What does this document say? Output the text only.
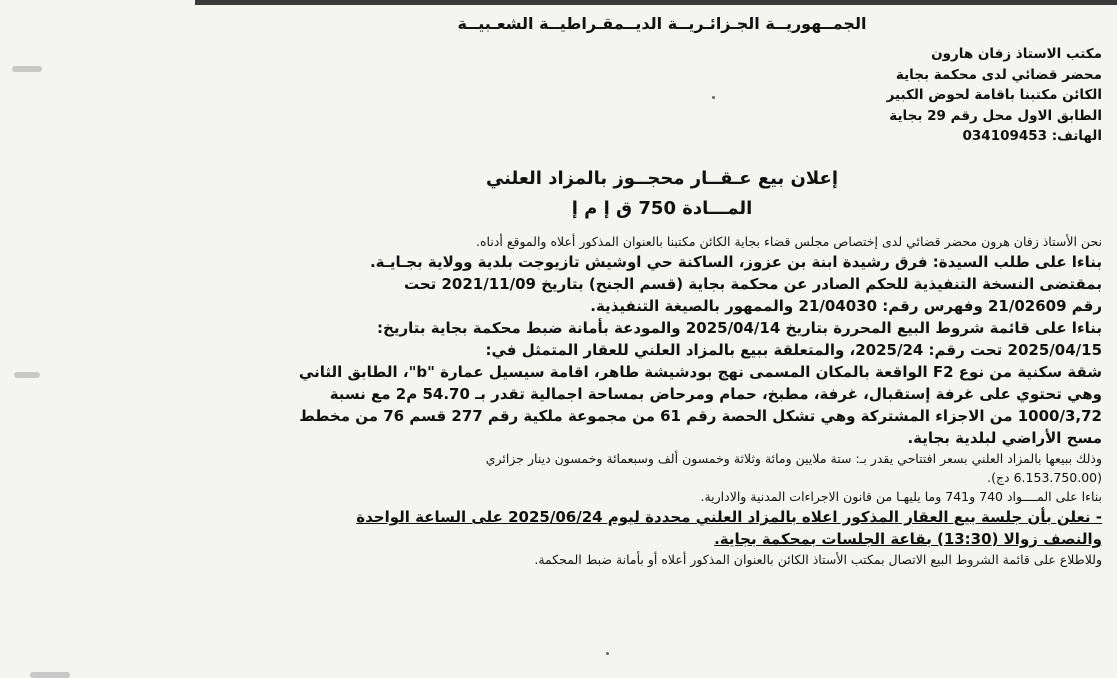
الجمــهوريــة الجـزائـريــة الديــمقـراطيــة الشعـبيــة
مكتب الاستاذ زفان هارون
محضر قضائي لدى محكمة بجاية
الكائن مكتبنا باقامة لحوض الكبير
الطابق الاول محل رقم 29 بجاية
الهاتف: 034109453
إعلان بيع عـقــار محجــوز بالمزاد العلني
المـــادة 750 ق إ م إ
نحن الأستاذ زفان هرون محضر قضائي لدى إختصاص مجلس قضاء بجاية الكائن مكتبنا بالعنوان المذكور أعلاه والموقع أدناه.
بناءا على طلب السيدة: فرق رشيدة ابنة بن عزوز، الساكنة حي اوشيش تازيوجت بلدية وولاية بجـايـة.
بمقتضى النسخة التنفيذية للحكم الصادر عن محكمة بجاية (قسم الجنح) بتاريخ 2021/11/09 تحت
رقم 21/02609 وفهرس رقم: 21/04030 والممهور بالصيغة التنفيذية.
بناءا على قائمة شروط البيع المحررة بتاريخ 2025/04/14 والمودعة بأمانة ضبط محكمة بجاية بتاريخ:
2025/04/15 تحت رقم: 2025/24، والمتعلقة ببيع بالمزاد العلني للعقار المتمثل في:
شقة سكنية من نوع F2 الواقعة بالمكان المسمى نهج بودشيشة طاهر، اقامة سيسيل عمارة "b"، الطابق الثاني
وهي تحتوي على غرفة إستقبال، غرفة، مطبخ، حمام ومرحاض بمساحة اجمالية تقدر بـ 54.70 م2 مع نسبة
1000/3,72 من الاجزاء المشتركة وهي تشكل الحصة رقم 61 من مجموعة ملكية رقم 277 قسم 76 من مخطط
مسح الأراضي لبلدية بجاية.
وذلك ببيعها بالمزاد العلني بسعر افتتاحي يقدر بـ: ستة ملايين ومائة وثلاثة وخمسون ألف وسبعمائة وخمسون دينار جزائري
(6.153.750.00 دج).
بناءا على المــــواد 740 و741 وما يليهـا من قانون الاجراءات المدنية والادارية.
- نعلن بأن جلسة بيع العقار المذكور اعلاه بالمزاد العلني محددة ليوم 2025/06/24 على الساعة الواحدة
والنصف زوالا (13:30) بقاعة الجلسات بمحكمة بجاية.
وللاطلاع على قائمة الشروط البيع الاتصال بمكتب الأستاذ الكائن بالعنوان المذكور أعلاه أو بأمانة ضبط المحكمة.
